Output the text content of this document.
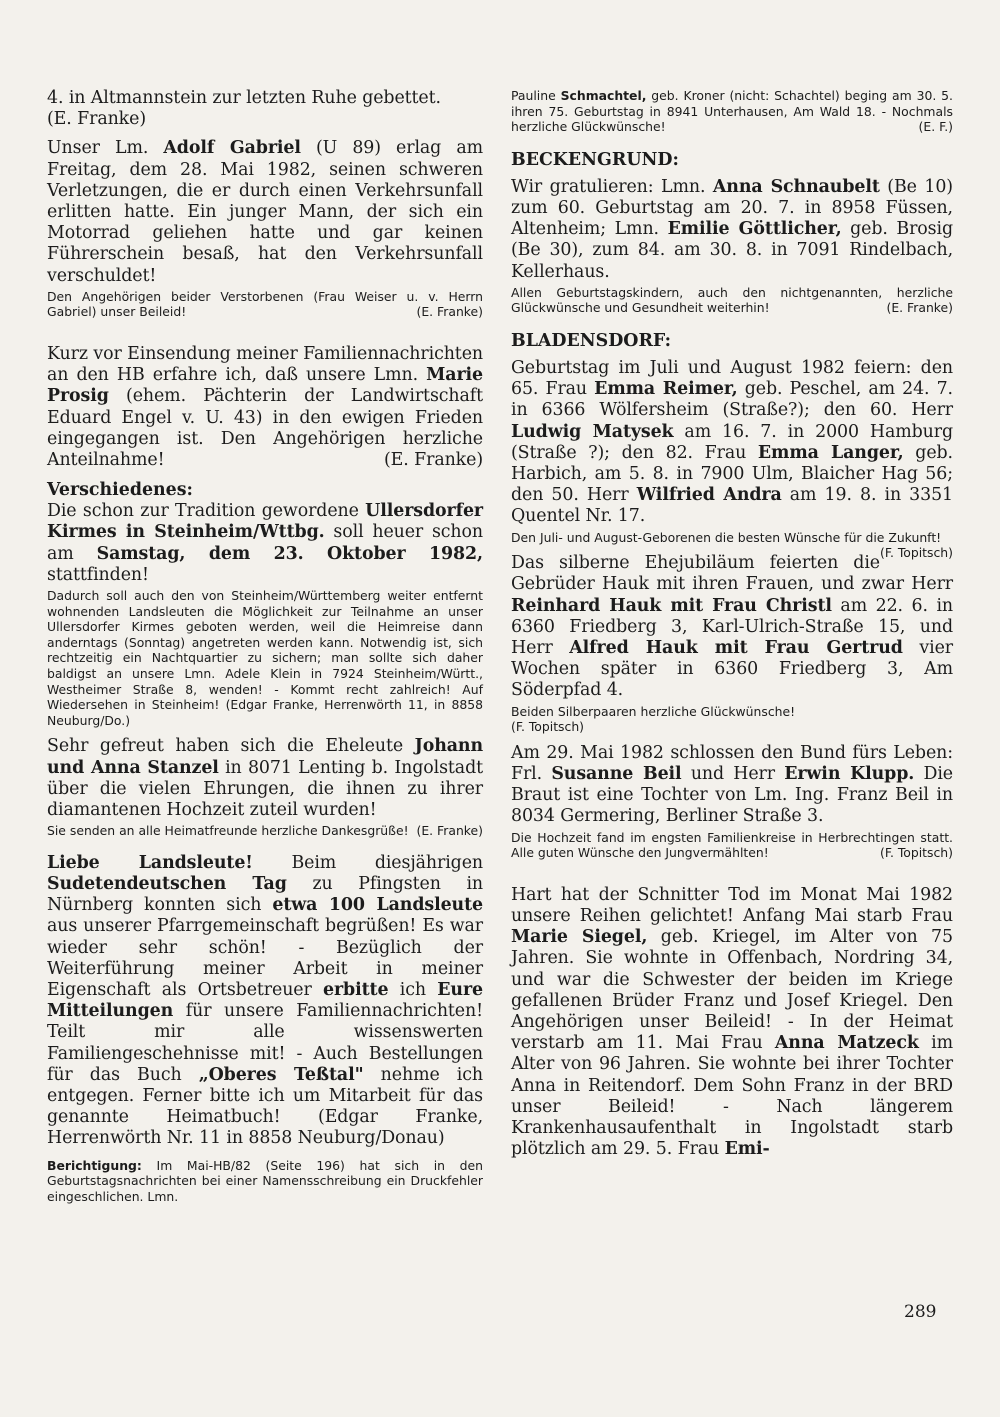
4. in Altmannstein zur letzten Ruhe gebettet.
(E. Franke)

Unser Lm. Adolf Gabriel (U 89) erlag am Freitag, dem 28. Mai 1982, seinen schweren Verletzungen, die er durch einen Verkehrsunfall erlitten hatte. Ein junger Mann, der sich ein Motorrad geliehen hatte und gar keinen Führerschein besaß, hat den Verkehrsunfall verschuldet!

Den Angehörigen beider Verstorbenen (Frau Weiser u. v. Herrn Gabriel) unser Beileid!	(E. Franke)

Kurz vor Einsendung meiner Familiennachrichten an den HB erfahre ich, daß unsere Lmn. Marie Prosig (ehem. Pächterin der Landwirtschaft Eduard Engel v. U. 43) in den ewigen Frieden eingegangen ist. Den Angehörigen herzliche Anteilnahme!	(E. Franke)

Verschiedenes:

Die schon zur Tradition gewordene Ullersdorfer Kirmes in Steinheim/Wttbg. soll heuer schon am Samstag, dem 23. Oktober 1982, stattfinden!

Dadurch soll auch den von Steinheim/Württemberg weiter entfernt wohnenden Landsleuten die Möglichkeit zur Teilnahme an unser Ullersdorfer Kirmes geboten werden, weil die Heimreise dann anderntags (Sonntag) angetreten werden kann. Notwendig ist, sich rechtzeitig ein Nachtquartier zu sichern; man sollte sich daher baldigst an unsere Lmn. Adele Klein in 7924 Steinheim/Württ., Westheimer Straße 8, wenden! - Kommt recht zahlreich! Auf Wiedersehen in Steinheim! (Edgar Franke, Herrenwörth 11, in 8858 Neuburg/Do.)

Sehr gefreut haben sich die Eheleute Johann und Anna Stanzel in 8071 Lenting b. Ingolstadt über die vielen Ehrungen, die ihnen zu ihrer diamantenen Hochzeit zuteil wurden!

Sie senden an alle Heimatfreunde herzliche Dankesgrüße! (E. Franke)

Liebe Landsleute! Beim diesjährigen Sudetendeutschen Tag zu Pfingsten in Nürnberg konnten sich etwa 100 Landsleute aus unserer Pfarrgemeinschaft begrüßen! Es war wieder sehr schön! - Bezüglich der Weiterführung meiner Arbeit in meiner Eigenschaft als Ortsbetreuer erbitte ich Eure Mitteilungen für unsere Familiennachrichten! Teilt mir alle wissenswerten Familiengeschehnisse mit! - Auch Bestellungen für das Buch „Oberes Teßtal" nehme ich entgegen. Ferner bitte ich um Mitarbeit für das genannte Heimatbuch! (Edgar Franke, Herrenwörth Nr. 11 in 8858 Neuburg/Donau)

Berichtigung: Im Mai-HB/82 (Seite 196) hat sich in den Geburtstagsnachrichten bei einer Namensschreibung ein Druckfehler eingeschlichen. Lmn.

Pauline Schmachtel, geb. Kroner (nicht: Schachtel) beging am 30. 5. ihren 75. Geburtstag in 8941 Unterhausen, Am Wald 18. - Nochmals herzliche Glückwünsche!	(E. F.)

BECKENGRUND:

Wir gratulieren: Lmn. Anna Schnaubelt (Be 10) zum 60. Geburtstag am 20. 7. in 8958 Füssen, Altenheim; Lmn. Emilie Göttlicher, geb. Brosig (Be 30), zum 84. am 30. 8. in 7091 Rindelbach, Kellerhaus.

Allen Geburtstagskindern, auch den nichtgenannten, herzliche Glückwünsche und Gesundheit weiterhin!	(E. Franke)

BLADENSDORF:

Geburtstag im Juli und August 1982 feiern: den 65. Frau Emma Reimer, geb. Peschel, am 24. 7. in 6366 Wölfersheim (Straße?); den 60. Herr Ludwig Matysek am 16. 7. in 2000 Hamburg (Straße ?); den 82. Frau Emma Langer, geb. Harbich, am 5. 8. in 7900 Ulm, Blaicher Hag 56; den 50. Herr Wilfried Andra am 19. 8. in 3351 Quentel Nr. 17.

Den Juli- und August-Geborenen die besten Wünsche für die Zukunft!
(F. Topitsch)

Das silberne Ehejubiläum feierten die Gebrüder Hauk mit ihren Frauen, und zwar Herr Reinhard Hauk mit Frau Christl am 22. 6. in 6360 Friedberg 3, Karl-Ulrich-Straße 15, und Herr Alfred Hauk mit Frau Gertrud vier Wochen später in 6360 Friedberg 3, Am Söderpfad 4.

Beiden Silberpaaren herzliche Glückwünsche!
(F. Topitsch)

Am 29. Mai 1982 schlossen den Bund fürs Leben: Frl. Susanne Beil und Herr Erwin Klupp. Die Braut ist eine Tochter von Lm. Ing. Franz Beil in 8034 Germering, Berliner Straße 3.

Die Hochzeit fand im engsten Familienkreise in Herbrechtingen statt. Alle guten Wünsche den Jungvermählten!	(F. Topitsch)

Hart hat der Schnitter Tod im Monat Mai 1982 unsere Reihen gelichtet! Anfang Mai starb Frau Marie Siegel, geb. Kriegel, im Alter von 75 Jahren. Sie wohnte in Offenbach, Nordring 34, und war die Schwester der beiden im Kriege gefallenen Brüder Franz und Josef Kriegel. Den Angehörigen unser Beileid! - In der Heimat verstarb am 11. Mai Frau Anna Matzeck im Alter von 96 Jahren. Sie wohnte bei ihrer Tochter Anna in Reitendorf. Dem Sohn Franz in der BRD unser Beileid! - Nach längerem Krankenhausaufenthalt in Ingolstadt starb plötzlich am 29. 5. Frau Emi-

289
